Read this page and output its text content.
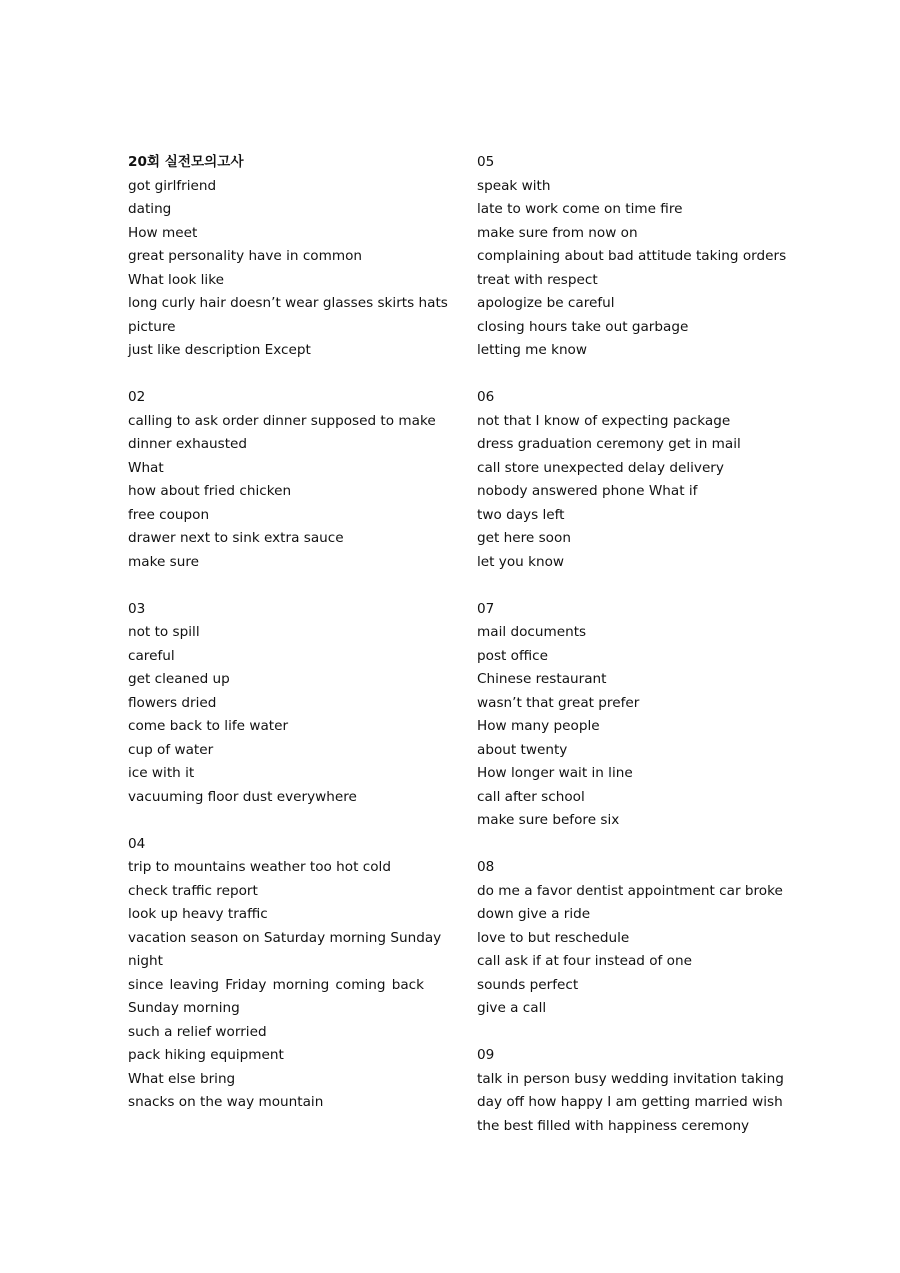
20회 실전모의고사
got girlfriend
dating
How meet
great personality have in common
What look like
long curly hair doesn’t wear glasses skirts hats
picture
just like description Except
02
calling to ask order dinner supposed to make
dinner exhausted
What
how about fried chicken
free coupon
drawer next to sink extra sauce
make sure
03
not to spill
careful
get cleaned up
flowers dried
come back to life water
cup of water
ice with it
vacuuming floor dust everywhere
04
trip to mountains weather too hot cold
check traffic report
look up heavy traffic
vacation season on Saturday morning Sunday
night
since leaving Friday morning coming back
Sunday morning
such a relief worried
pack hiking equipment
What else bring
snacks on the way mountain
05
speak with
late to work come on time fire
make sure from now on
complaining about bad attitude taking orders
treat with respect
apologize be careful
closing hours take out garbage
letting me know
06
not that I know of expecting package
dress graduation ceremony get in mail
call store unexpected delay delivery
nobody answered phone What if
two days left
get here soon
let you know
07
mail documents
post office
Chinese restaurant
wasn’t that great prefer
How many people
about twenty
How longer wait in line
call after school
make sure before six
08
do me a favor dentist appointment car broke
down give a ride
love to but reschedule
call ask if at four instead of one
sounds perfect
give a call
09
talk in person busy wedding invitation taking
day off how happy I am getting married wish
the best filled with happiness ceremony
